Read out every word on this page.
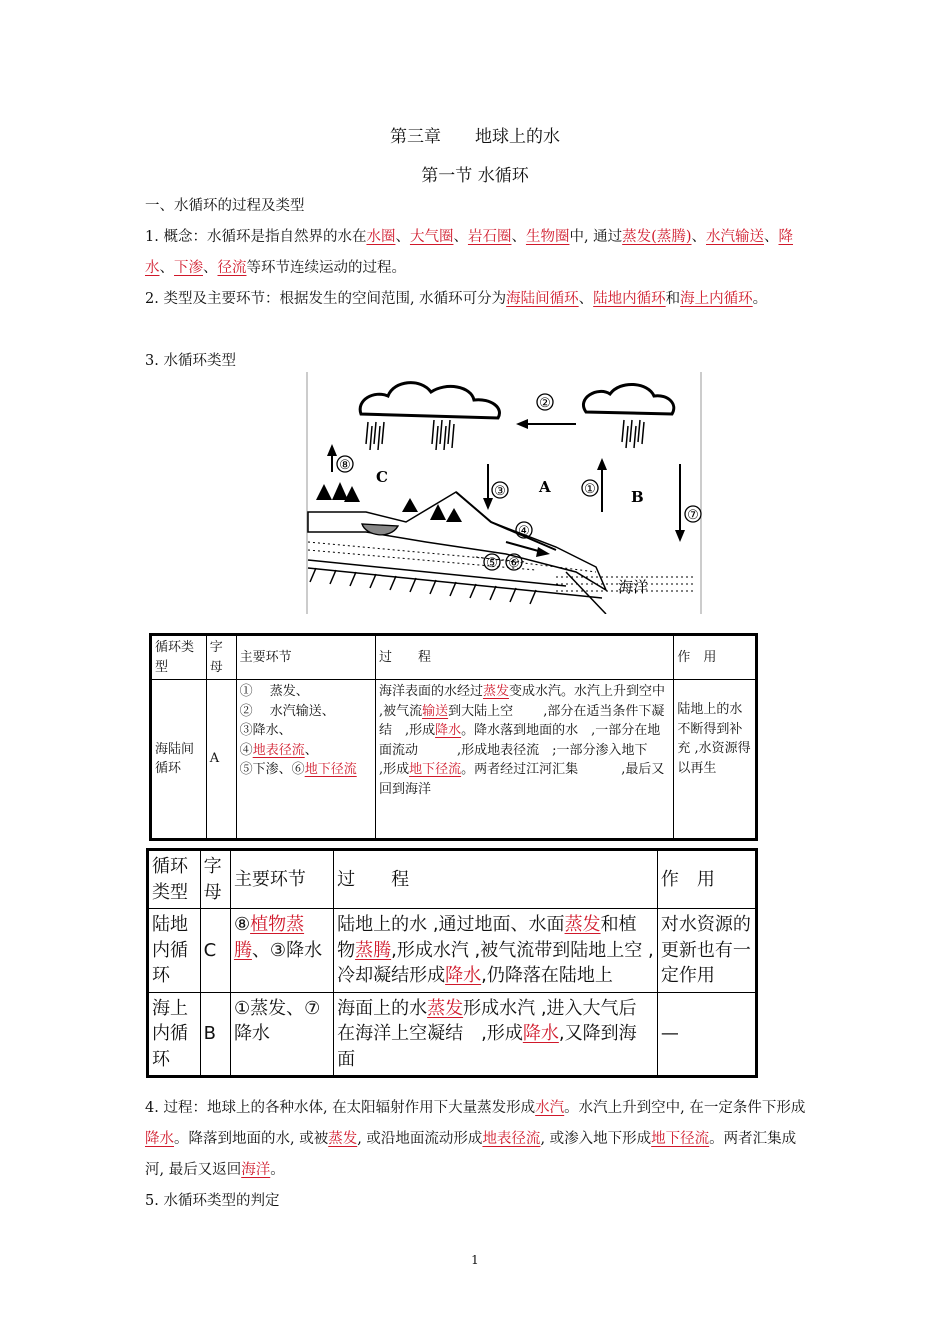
第三章 地球上的水
第一节 水循环
一、水循环的过程及类型
1. 概念：水循环是指自然界的水在水圈、大气圈、岩石圈、生物圈中, 通过蒸发(蒸腾)、水汽输送、降水、下渗、径流等环节连续运动的过程。
2. 类型及主要环节：根据发生的空间范围, 水循环可分为海陆间循环、陆地内循环和海上内循环。
3. 水循环类型
②
⑧
C
③ A	① B
⑦
④
⑤ ⑥
海洋
循环类型	字母	主要环节	过　　程	作　用
海陆间循环	A	①　 蒸发、
②　 水汽输送、
③降水、
④地表径流、
⑤下渗、⑥地下径流	海洋表面的水经过蒸发变成水汽。水汽上升到空中　　　 ,被气流输送到大陆上空　　 ,部分在适当条件下凝结　,形成降水。降水落到地面的水　,一部分在地面流动　　　,形成地表径流　;一部分渗入地下　　　 ,形成地下径流。两者经过江河汇集　　　 ,最后又回到海洋	陆地上的水不断得到补充 ,水资源得以再生
循环类型	字母	主要环节	过　　程	作　用
陆地内循环	C	⑧植物蒸腾、③降水	陆地上的水 ,通过地面、水面蒸发和植物蒸腾,形成水汽 ,被气流带到陆地上空 ,冷却凝结形成降水,仍降落在陆地上	对水资源的更新也有一定作用
海上内循环	B	①蒸发、⑦降水	海面上的水蒸发形成水汽 ,进入大气后在海洋上空凝结　,形成降水,又降到海面	—
4. 过程：地球上的各种水体, 在太阳辐射作用下大量蒸发形成水汽。水汽上升到空中, 在一定条件下形成降水。降落到地面的水, 或被蒸发, 或沿地面流动形成地表径流, 或渗入地下形成地下径流。两者汇集成河, 最后又返回海洋。
5. 水循环类型的判定
1
